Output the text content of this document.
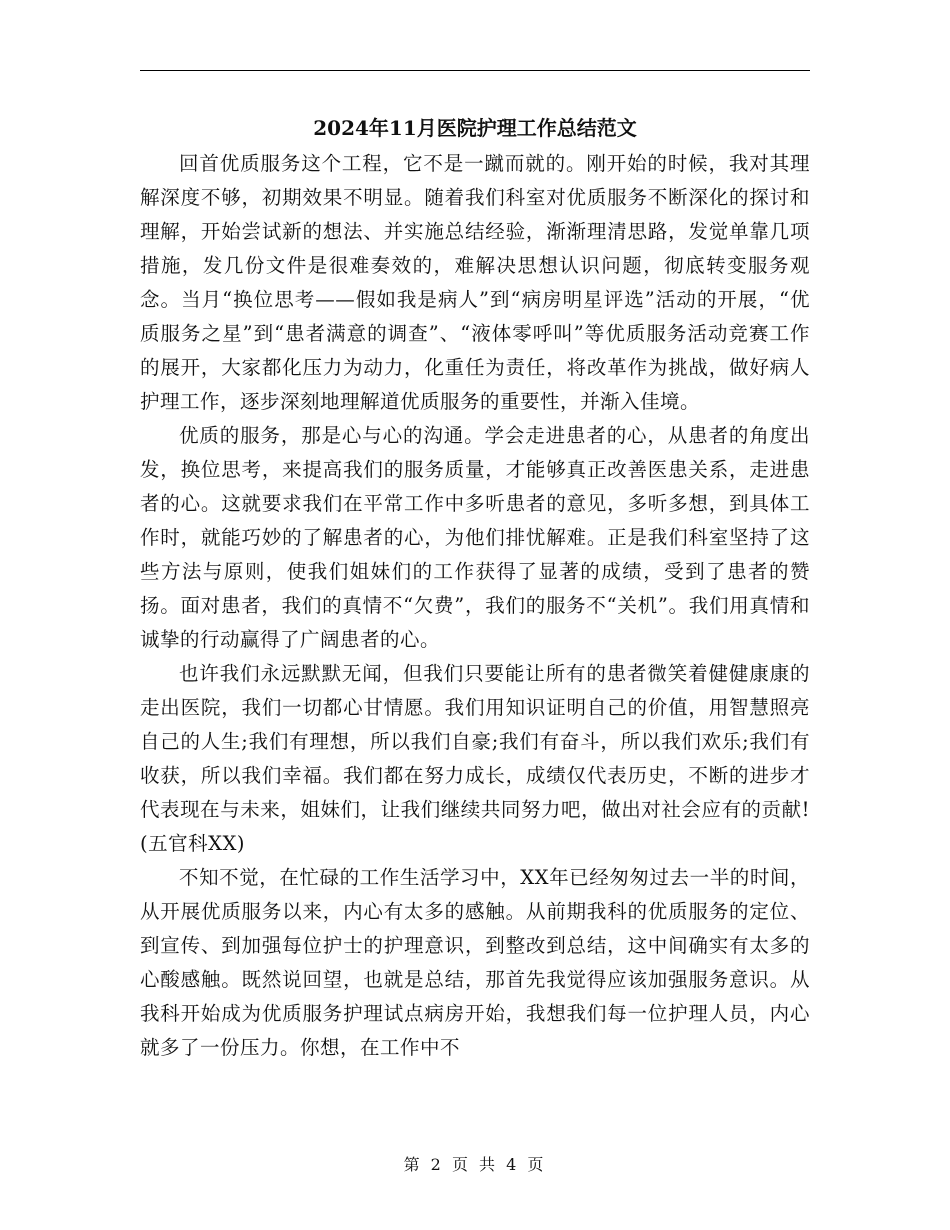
2024年11月医院护理工作总结范文

回首优质服务这个工程，它不是一蹴而就的。刚开始的时候，我对其理解深度不够，初期效果不明显。随着我们科室对优质服务不断深化的探讨和理解，开始尝试新的想法、并实施总结经验，渐渐理清思路，发觉单靠几项措施，发几份文件是很难奏效的，难解决思想认识问题，彻底转变服务观念。当月“换位思考——假如我是病人”到“病房明星评选”活动的开展，“优质服务之星”到“患者满意的调查”、“液体零呼叫”等优质服务活动竞赛工作的展开，大家都化压力为动力，化重任为责任，将改革作为挑战，做好病人护理工作，逐步深刻地理解道优质服务的重要性，并渐入佳境。

优质的服务，那是心与心的沟通。学会走进患者的心，从患者的角度出发，换位思考，来提高我们的服务质量，才能够真正改善医患关系，走进患者的心。这就要求我们在平常工作中多听患者的意见，多听多想，到具体工作时，就能巧妙的了解患者的心，为他们排忧解难。正是我们科室坚持了这些方法与原则，使我们姐妹们的工作获得了显著的成绩，受到了患者的赞扬。面对患者，我们的真情不“欠费”，我们的服务不“关机”。我们用真情和诚挚的行动赢得了广阔患者的心。

也许我们永远默默无闻，但我们只要能让所有的患者微笑着健健康康的走出医院，我们一切都心甘情愿。我们用知识证明自己的价值，用智慧照亮自己的人生;我们有理想，所以我们自豪;我们有奋斗，所以我们欢乐;我们有收获，所以我们幸福。我们都在努力成长，成绩仅代表历史，不断的进步才代表现在与未来，姐妹们，让我们继续共同努力吧，做出对社会应有的贡献!(五官科XX)

不知不觉，在忙碌的工作生活学习中，XX年已经匆匆过去一半的时间，从开展优质服务以来，内心有太多的感触。从前期我科的优质服务的定位、到宣传、到加强每位护士的护理意识，到整改到总结，这中间确实有太多的心酸感触。既然说回望，也就是总结，那首先我觉得应该加强服务意识。从我科开始成为优质服务护理试点病房开始，我想我们每一位护理人员，内心就多了一份压力。你想，在工作中不

第 2 页 共 4 页
